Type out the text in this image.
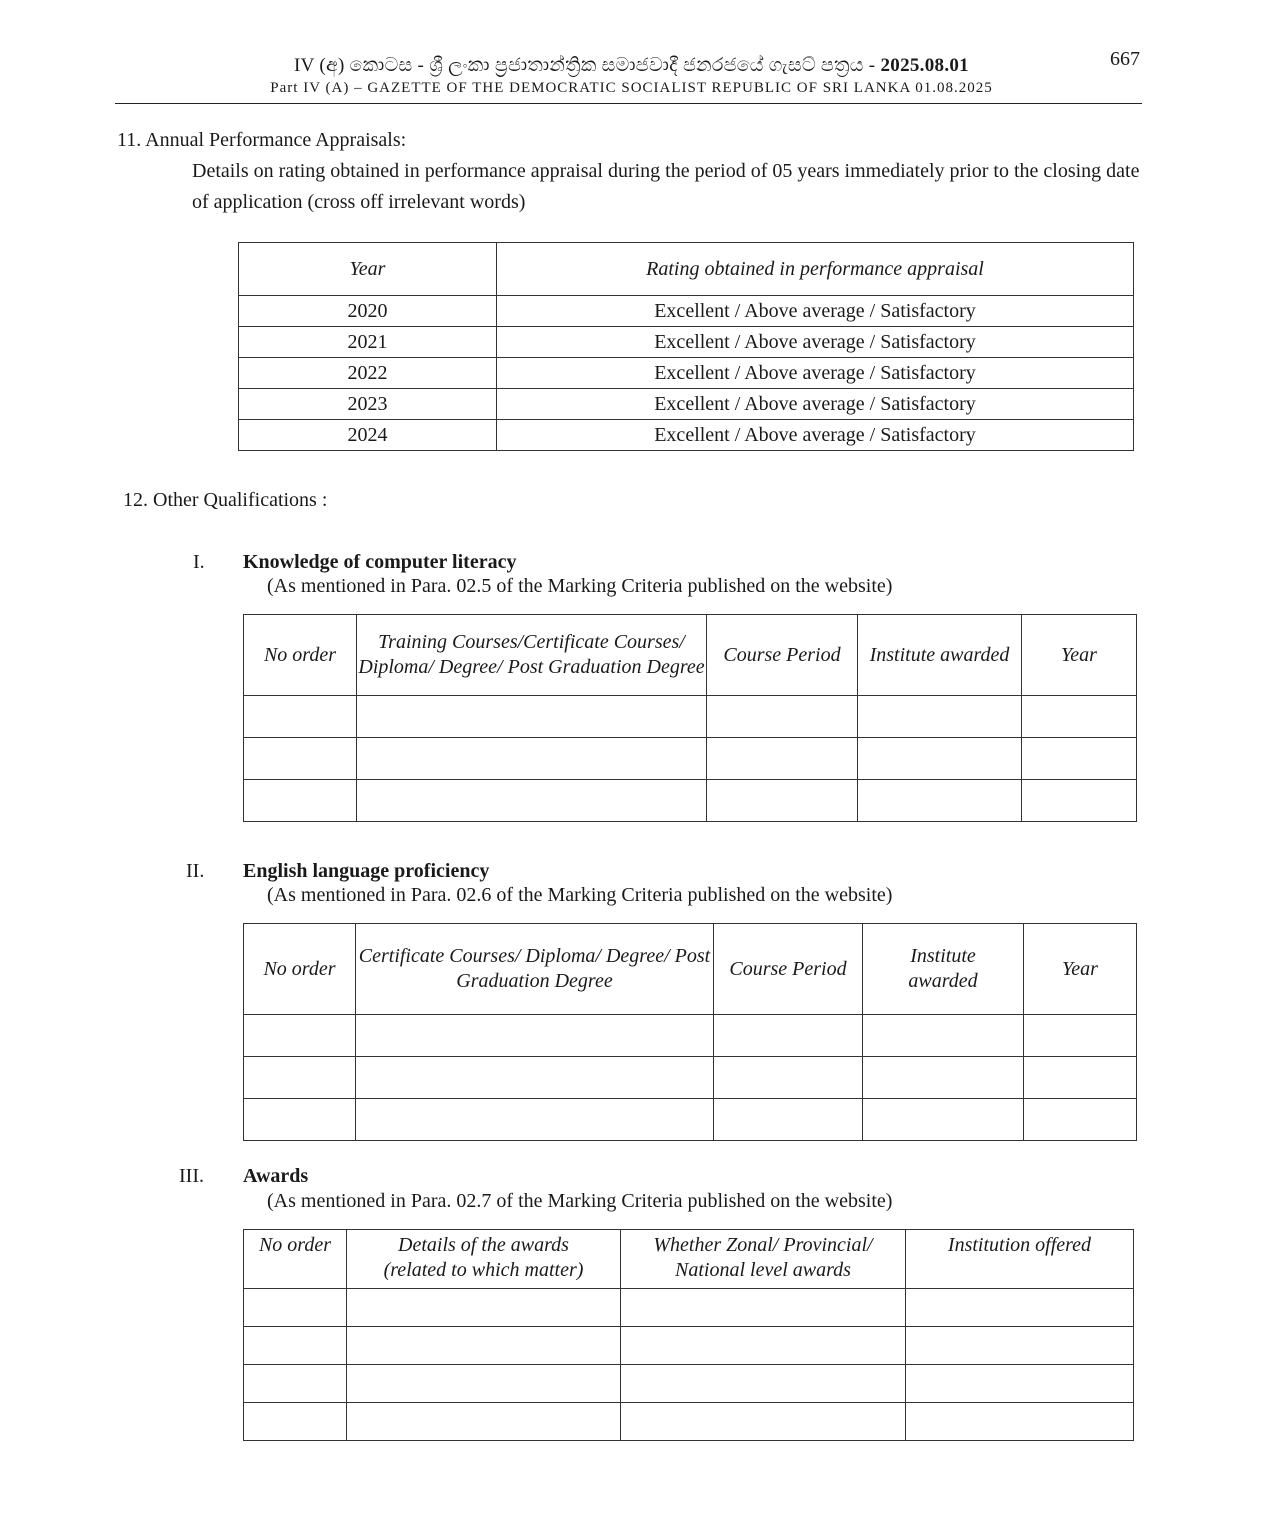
IV (අ) කොටස - ශ්‍රී ලංකා ප්‍රජාතාන්ත්‍රික සමාජවාදී ජනරජයේ ගැසට් පත්‍රය - 2025.08.01
Part IV (A) – GAZETTE OF THE DEMOCRATIC SOCIALIST REPUBLIC OF SRI LANKA 01.08.2025
667
11. Annual Performance Appraisals:
Details on rating obtained in performance appraisal during the period of 05 years immediately prior to the closing date of application (cross off irrelevant words)
Year	Rating obtained in performance appraisal
2020	Excellent / Above average / Satisfactory
2021	Excellent / Above average / Satisfactory
2022	Excellent / Above average / Satisfactory
2023	Excellent / Above average / Satisfactory
2024	Excellent / Above average / Satisfactory
12. Other Qualifications :
I. Knowledge of computer literacy
(As mentioned in Para. 02.5 of the Marking Criteria published on the website)
No order	Training Courses/Certificate Courses/ Diploma/ Degree/ Post Graduation Degree	Course Period	Institute awarded	Year

II. English language proficiency
(As mentioned in Para. 02.6 of the Marking Criteria published on the website)
No order	Certificate Courses/ Diploma/ Degree/ Post Graduation Degree	Course Period	Institute awarded	Year

III. Awards
(As mentioned in Para. 02.7 of the Marking Criteria published on the website)
No order	Details of the awards (related to which matter)	Whether Zonal/ Provincial/ National level awards	Institution offered
